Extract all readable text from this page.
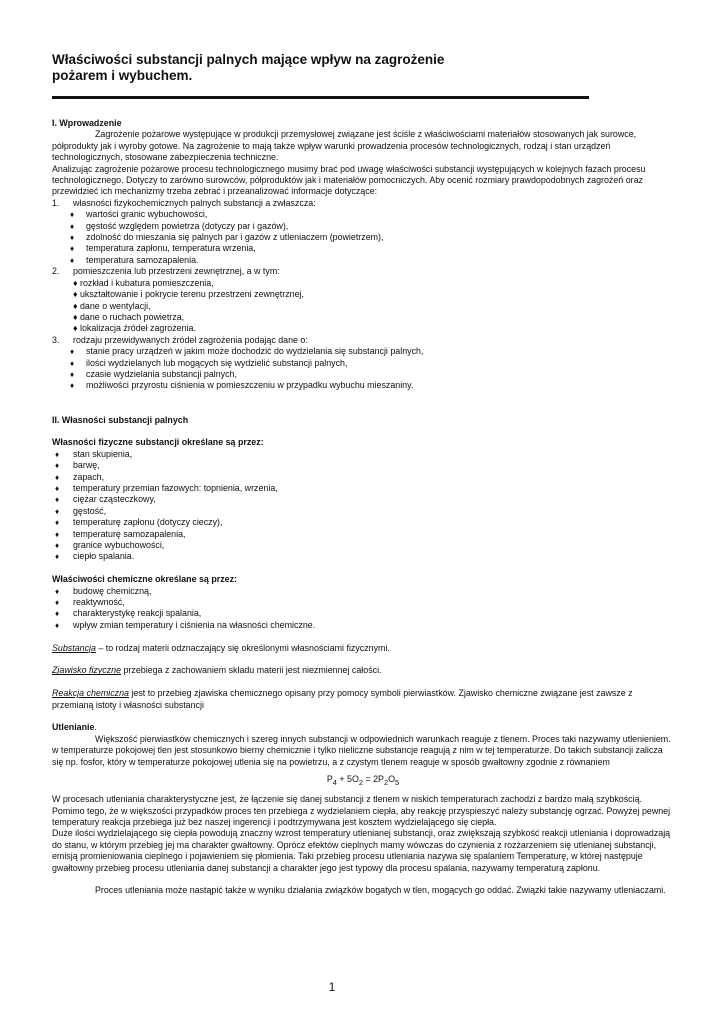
Właściwości substancji palnych mające wpływ na zagrożenie
pożarem i wybuchem.

I. Wprowadzenie

Zagrożenie pożarowe występujące w produkcji przemysłowej związane jest ściśle z właściwościami materiałów stosowanych jak surowce, półprodukty jak i wyroby gotowe. Na zagrożenie to mają także wpływ warunki prowadzenia procesów technologicznych, rodzaj i stan urządzeń technologicznych, stosowane zabezpieczenia techniczne.

Analizując zagrożenie pożarowe procesu technologicznego musimy brać pod uwagę właściwości substancji występujących w kolejnych fazach procesu technologicznego. Dotyczy to zarówno surowców, półproduktów jak i materiałów pomocniczych. Aby ocenić rozmiary prawdopodobnych zagrożeń oraz przewidzieć ich mechanizmy trzeba zebrać i przeanalizować informacje dotyczące:

1. własności fizykochemicznych palnych substancji a zwłaszcza:
♦	wartości granic wybuchowości,
♦	gęstość względem powietrza (dotyczy par i gazów),
♦	zdolność do mieszania się palnych par i gazów z utleniaczem (powietrzem),
♦	temperatura zapłonu, temperatura wrzenia,
♦	temperatura samozapalenia.
2. pomieszczenia lub przestrzeni zewnętrznej, a w tym:
♦ rozkład i kubatura pomieszczenia,
♦ ukształtowanie i pokrycie terenu przestrzeni zewnętrznej,
♦ dane o wentylacji,
♦ dane o ruchach powietrza,
♦ lokalizacja źródeł zagrożenia.
3. rodzaju przewidywanych źródeł zagrożenia podając dane o:
♦	stanie pracy urządzeń w jakim może dochodzić do wydzielania się substancji palnych,
♦	ilości wydzielanych lub mogących się wydzielić substancji palnych,
♦	czasie wydzielania substancji palnych,
♦	możliwości przyrostu ciśnienia w pomieszczeniu w przypadku wybuchu mieszaniny.

II. Własności substancji palnych

Własności fizyczne substancji określane są przez:

♦ stan skupienia,
♦ barwę,
♦ zapach,
♦ temperatury przemian fazowych: topnienia, wrzenia,
♦ ciężar cząsteczkowy,
♦ gęstość,
♦ temperaturę zapłonu (dotyczy cieczy),
♦ temperaturę samozapalenia,
♦ granice wybuchowości,
♦ ciepło spalania.

Właściwości chemiczne określane są przez:

♦ budowę chemiczną,
♦ reaktywność,
♦ charakterystykę reakcji spalania,
♦ wpływ zmian temperatury i ciśnienia na własności chemiczne.

Substancja – to rodzaj materii odznaczający się określonymi własnościami fizycznymi.

Zjawisko fizyczne przebiega z zachowaniem składu materii jest niezmiennej całości.

Reakcja chemiczna jest to przebieg zjawiska chemicznego opisany przy pomocy symboli pierwiastków. Zjawisko chemiczne związane jest zawsze z przemianą istoty i własności substancji

Utlenianie.

Większość pierwiastków chemicznych i szereg innych substancji w odpowiednich warunkach reaguje z tlenem. Proces taki nazywamy utlenieniem. w temperaturze pokojowej tlen jest stosunkowo bierny chemicznie i tylko nieliczne substancje reagują z nim w tej temperaturze. Do takich substancji zalicza się np. fosfor, który w temperaturze pokojowej utlenia się na powietrzu, a z czystym tlenem reaguje w sposób gwałtowny zgodnie z równaniem

$P_4 + 5O_2 = 2P_2O_5$

W procesach utleniania charakterystyczne jest, że łączenie się danej substancji z tlenem w niskich temperaturach zachodzi z bardzo małą szybkością. Pomimo tego, że w większości przypadków proces ten przebiega z wydzielaniem ciepła, aby reakcję przyspieszyć należy substancję ogrzać. Powyżej pewnej temperatury reakcja przebiega już bez naszej ingerencji i podtrzymywana jest kosztem wydzielającego się ciepła.

Duże ilości wydzielającego się ciepła powodują znaczny wzrost temperatury utlenianej substancji, oraz zwiększają szybkość reakcji utleniania i doprowadzają do stanu, w którym przebieg jej ma charakter gwałtowny. Oprócz efektów cieplnych mamy wówczas do czynienia z rozżarzeniem się utlenianej substancji, emisją promieniowania cieplnego i pojawieniem się płomienia. Taki przebieg procesu utleniania nazywa się spalaniem Temperaturę, w której następuje gwałtowny przebieg procesu utleniania danej substancji a charakter jego jest typowy dla procesu spalania, nazywamy temperaturą zapłonu.

Proces utleniania może nastąpić także w wyniku działania związków bogatych w tlen, mogących go oddać. Związki takie nazywamy utleniaczami.

1
